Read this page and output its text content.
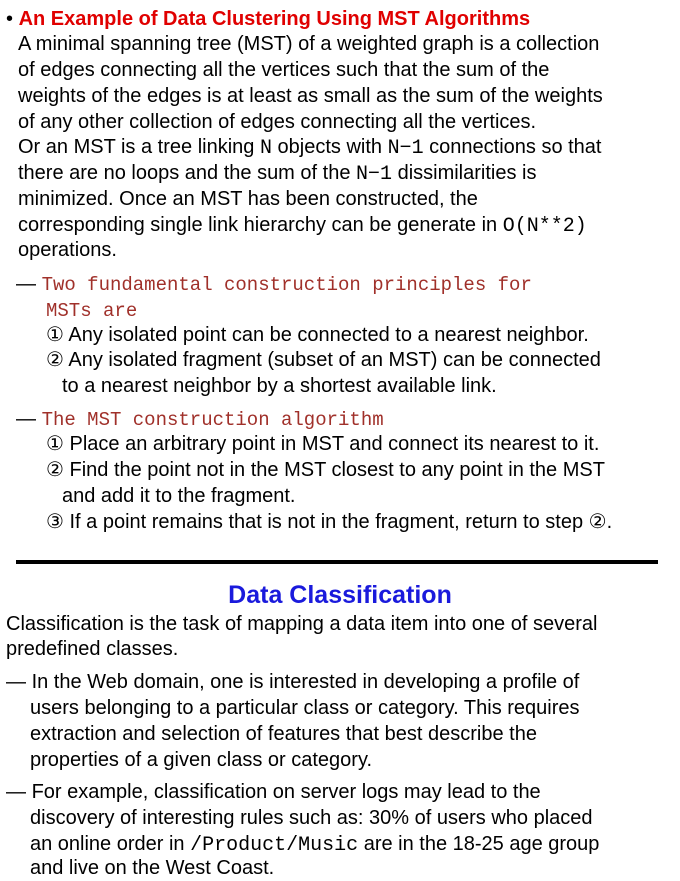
• An Example of Data Clustering Using MST Algorithms
A minimal spanning tree (MST) of a weighted graph is a collection
of edges connecting all the vertices such that the sum of the
weights of the edges is at least as small as the sum of the weights
of any other collection of edges connecting all the vertices.
Or an MST is a tree linking N objects with N−1 connections so that
there are no loops and the sum of the N−1 dissimilarities is
minimized. Once an MST has been constructed, the
corresponding single link hierarchy can be generate in O(N**2)
operations.
— Two fundamental construction principles for
MSTs are
① Any isolated point can be connected to a nearest neighbor.
② Any isolated fragment (subset of an MST) can be connected
to a nearest neighbor by a shortest available link.
— The MST construction algorithm
① Place an arbitrary point in MST and connect its nearest to it.
② Find the point not in the MST closest to any point in the MST
and add it to the fragment.
③ If a point remains that is not in the fragment, return to step ②.
Data Classification
Classification is the task of mapping a data item into one of several
predefined classes.
— In the Web domain, one is interested in developing a profile of
users belonging to a particular class or category. This requires
extraction and selection of features that best describe the
properties of a given class or category.
— For example, classification on server logs may lead to the
discovery of interesting rules such as: 30% of users who placed
an online order in /Product/Music are in the 18-25 age group
and live on the West Coast.
